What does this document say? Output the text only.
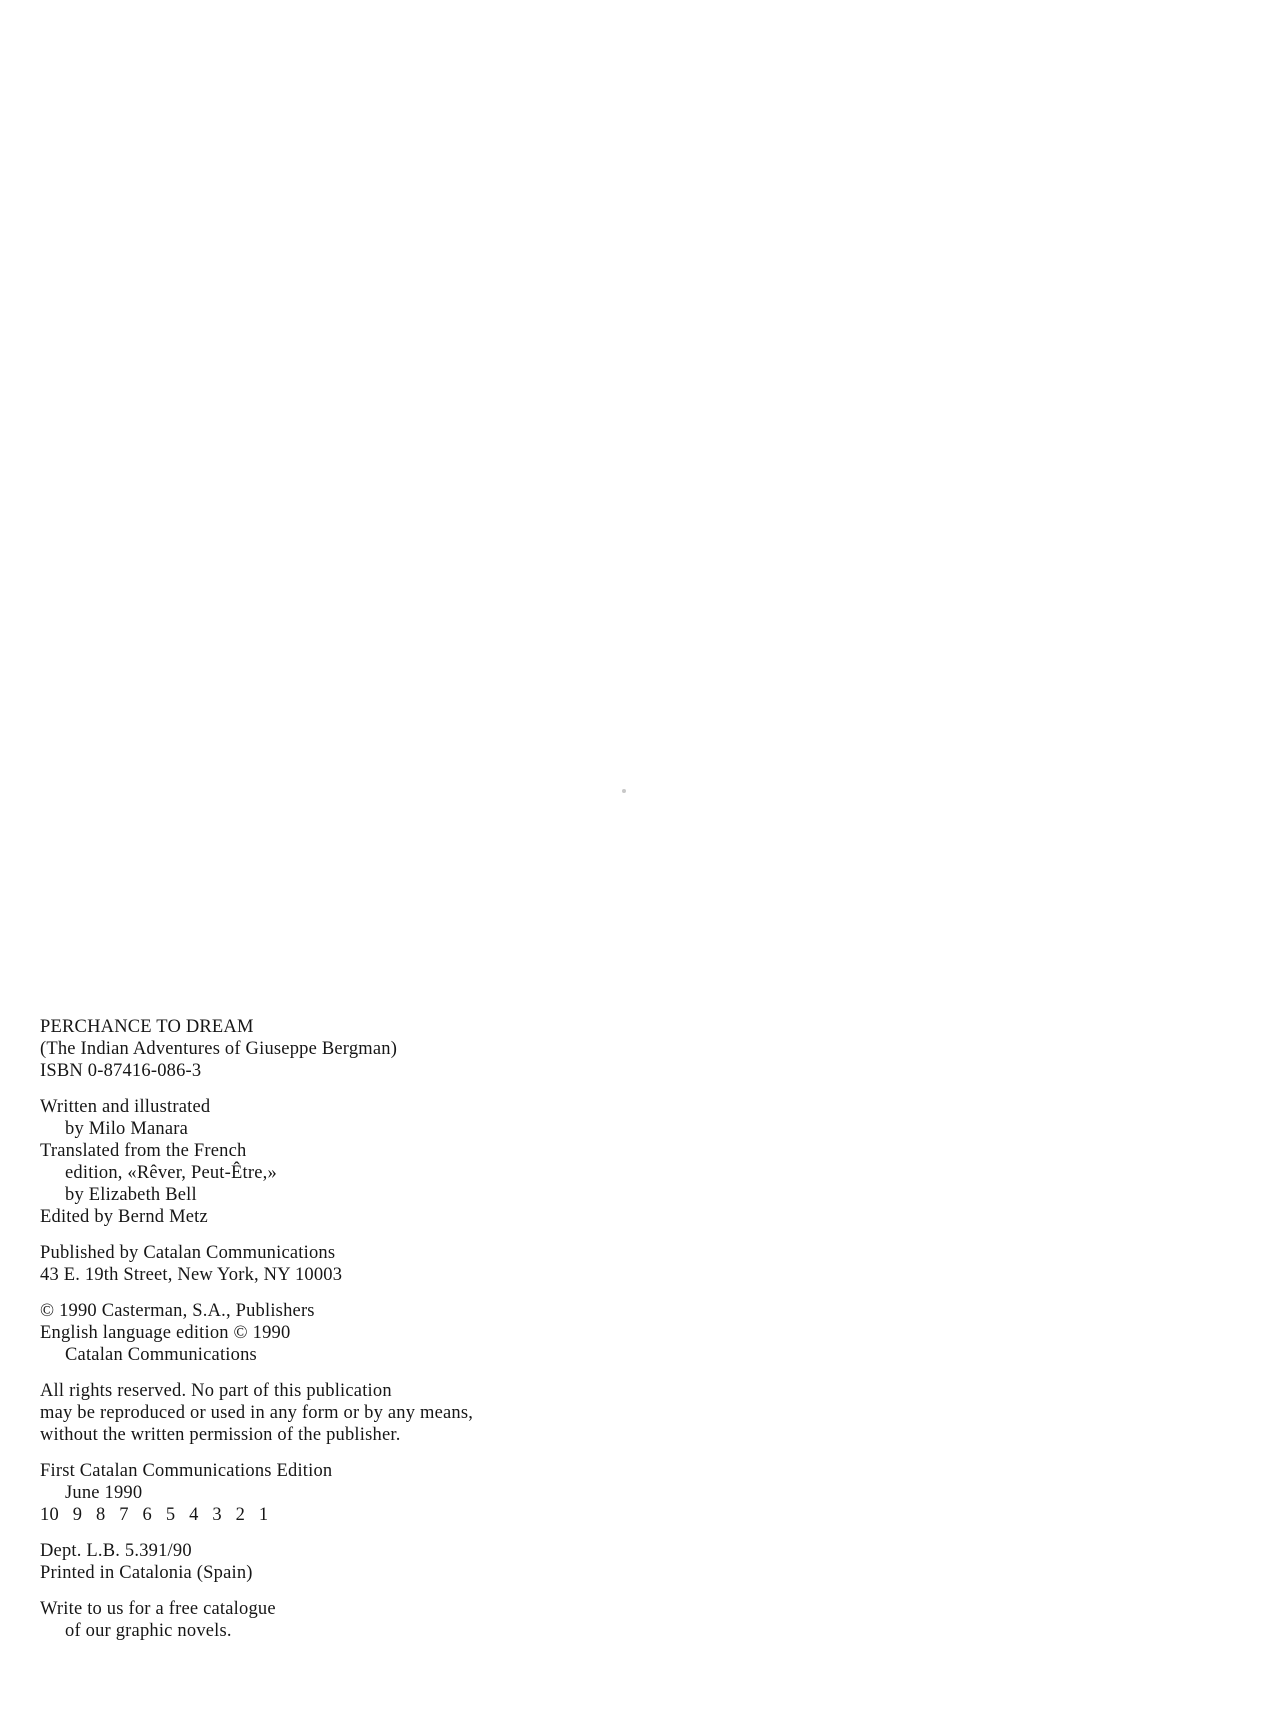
PERCHANCE TO DREAM
(The Indian Adventures of Giuseppe Bergman)
ISBN 0-87416-086-3
Written and illustrated
by Milo Manara
Translated from the French
edition, «Rêver, Peut-Être,»
by Elizabeth Bell
Edited by Bernd Metz
Published by Catalan Communications
43 E. 19th Street, New York, NY 10003
© 1990 Casterman, S.A., Publishers
English language edition © 1990
Catalan Communications
All rights reserved. No part of this publication
may be reproduced or used in any form or by any means,
without the written permission of the publisher.
First Catalan Communications Edition
June 1990
10 9 8 7 6 5 4 3 2 1
Dept. L.B. 5.391/90
Printed in Catalonia (Spain)
Write to us for a free catalogue
of our graphic novels.
